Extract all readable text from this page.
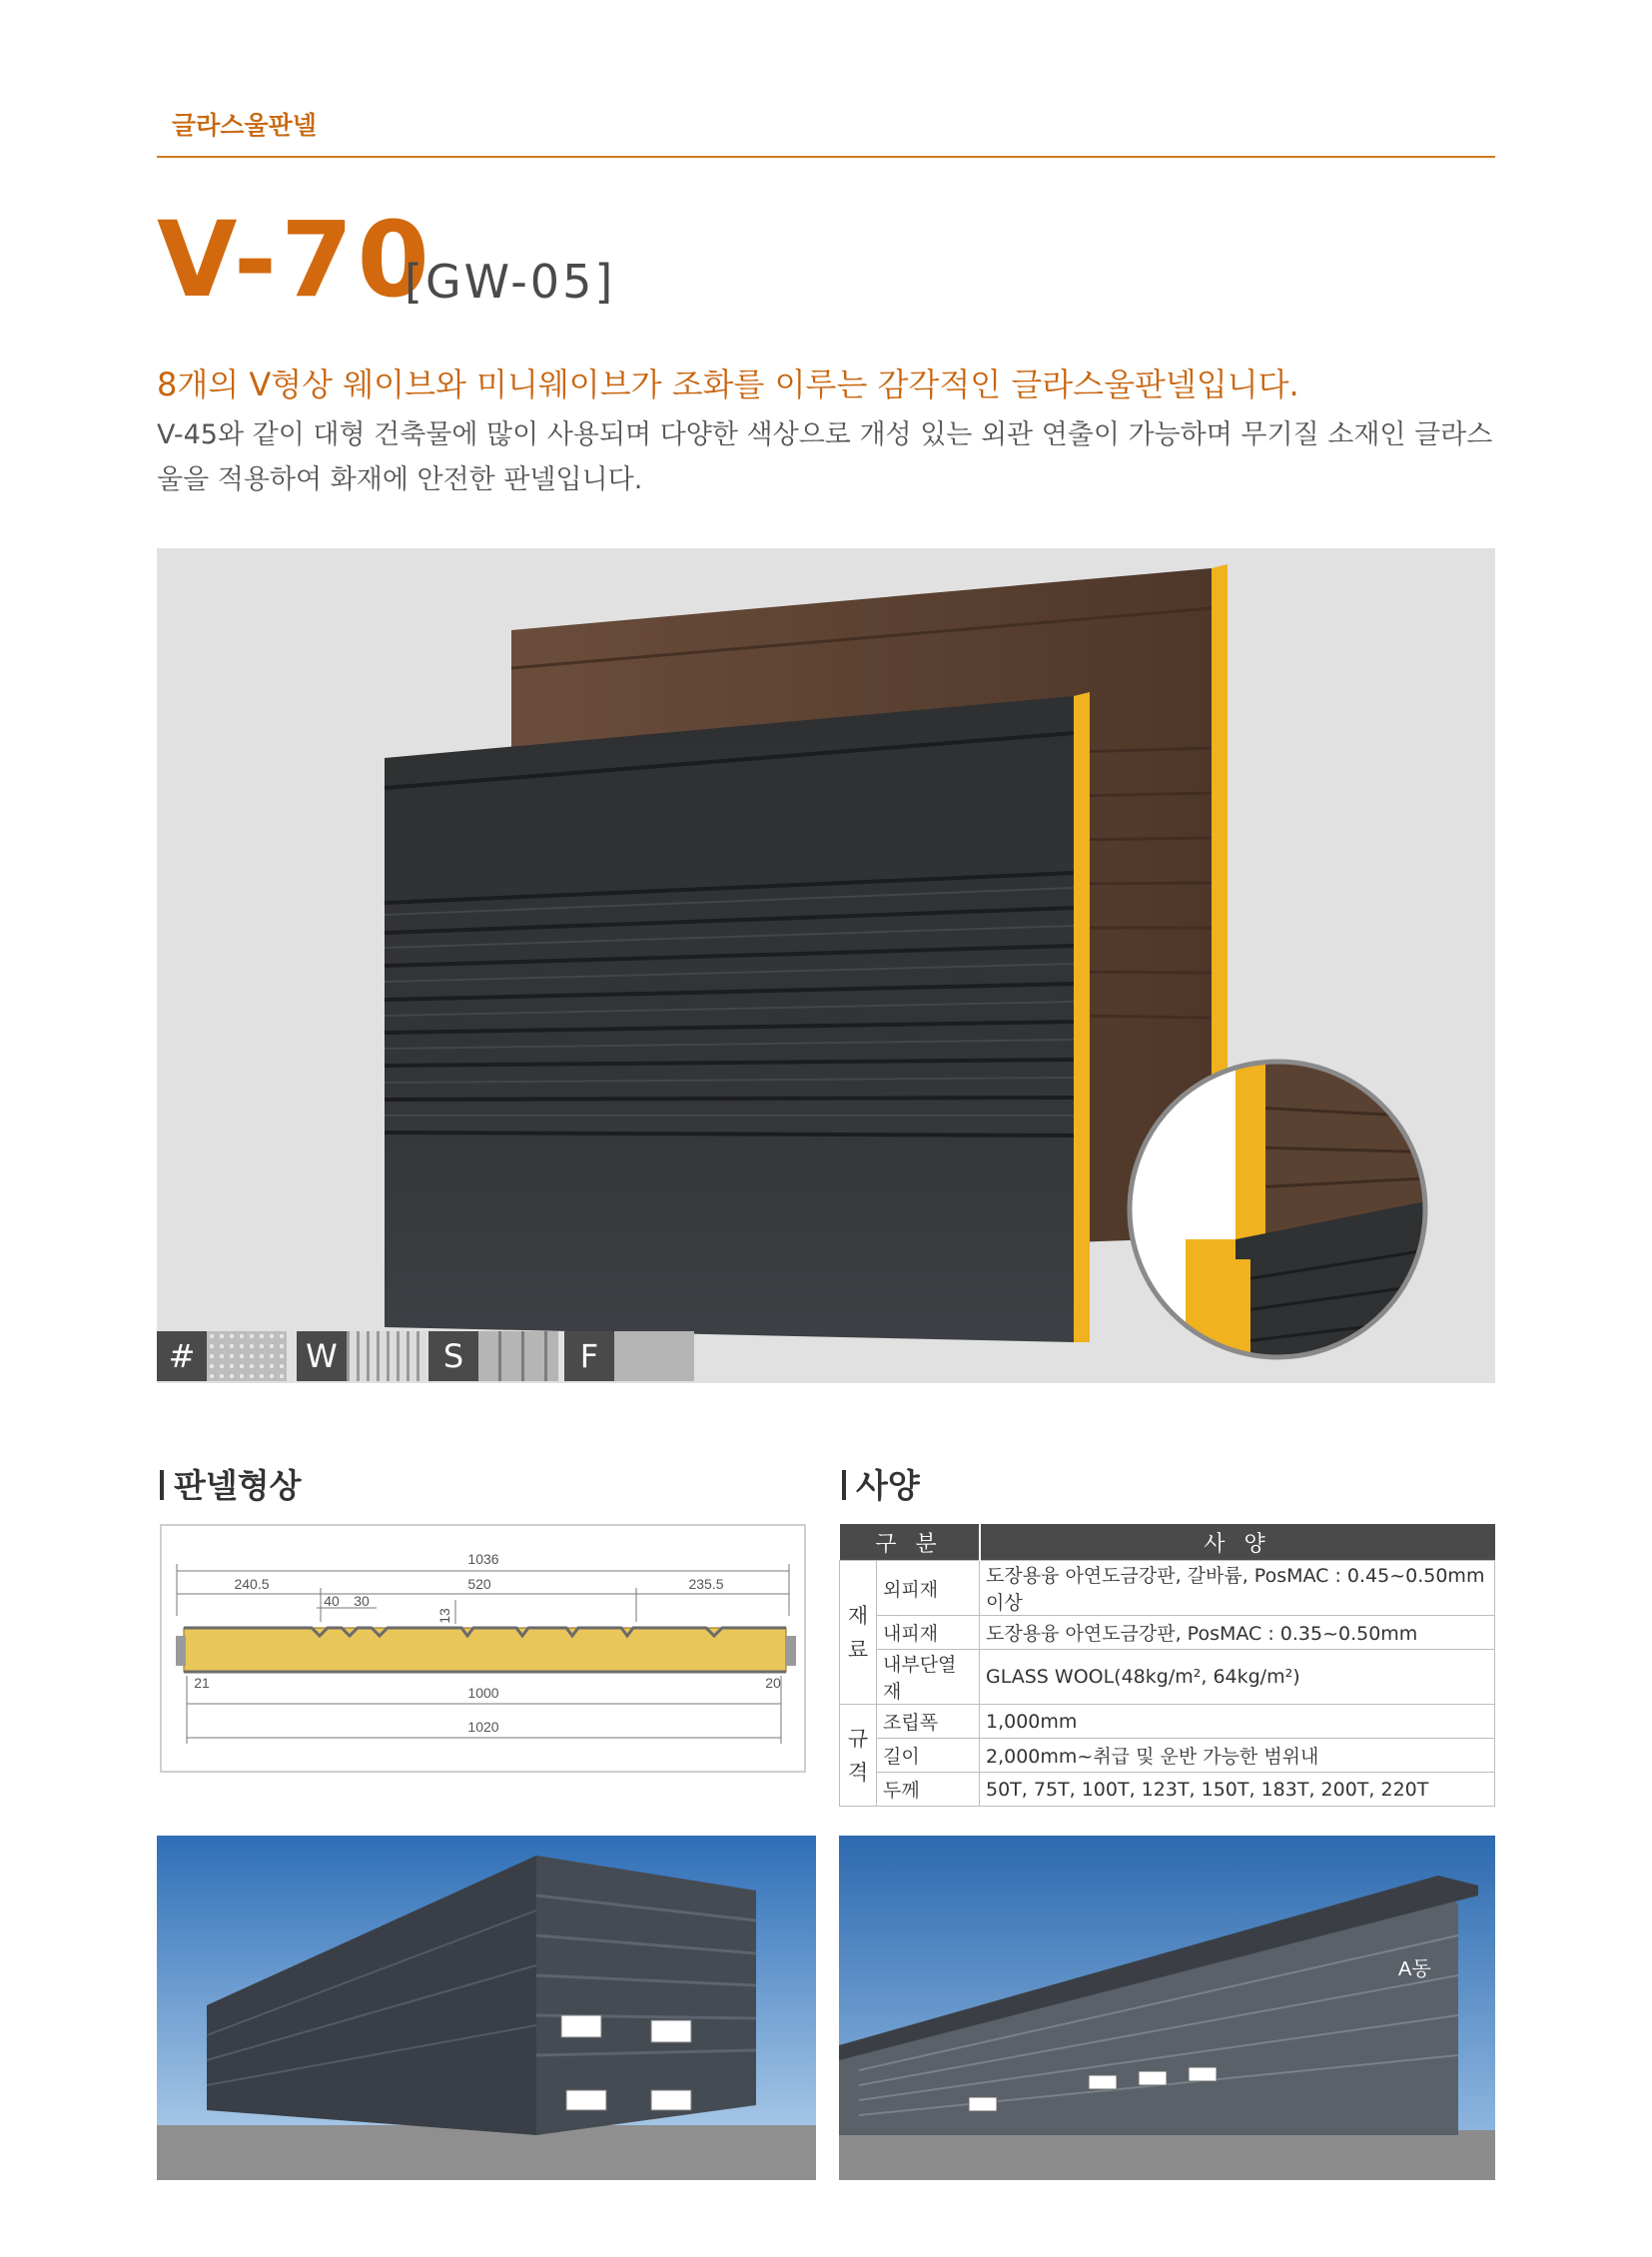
글라스울판넬
V-70
[GW-05]
8개의 V형상 웨이브와 미니웨이브가 조화를 이루는 감각적인 글라스울판넬입니다.
V-45와 같이 대형 건축물에 많이 사용되며 다양한 색상으로 개성 있는 외관 연출이 가능하며 무기질 소재인 글라스울을 적용하여 화재에 안전한 판넬입니다.
#	W	S	F
판넬형상	사양
1036
240.5	520	235.5
40 30
13
21	20
1000
1020
구 분		사 양
재
료	외피재	도장용융 아연도금강판, 갈바륨, PosMAC : 0.45~0.50mm이상
	내피재	도장용융 아연도금강판, PosMAC : 0.35~0.50mm
	내부단열재	GLASS WOOL(48kg/m², 64kg/m²)
규
격	조립폭	1,000mm
	길이	2,000mm~취급 및 운반 가능한 범위내
	두께	50T, 75T, 100T, 123T, 150T, 183T, 200T, 220T
A동
